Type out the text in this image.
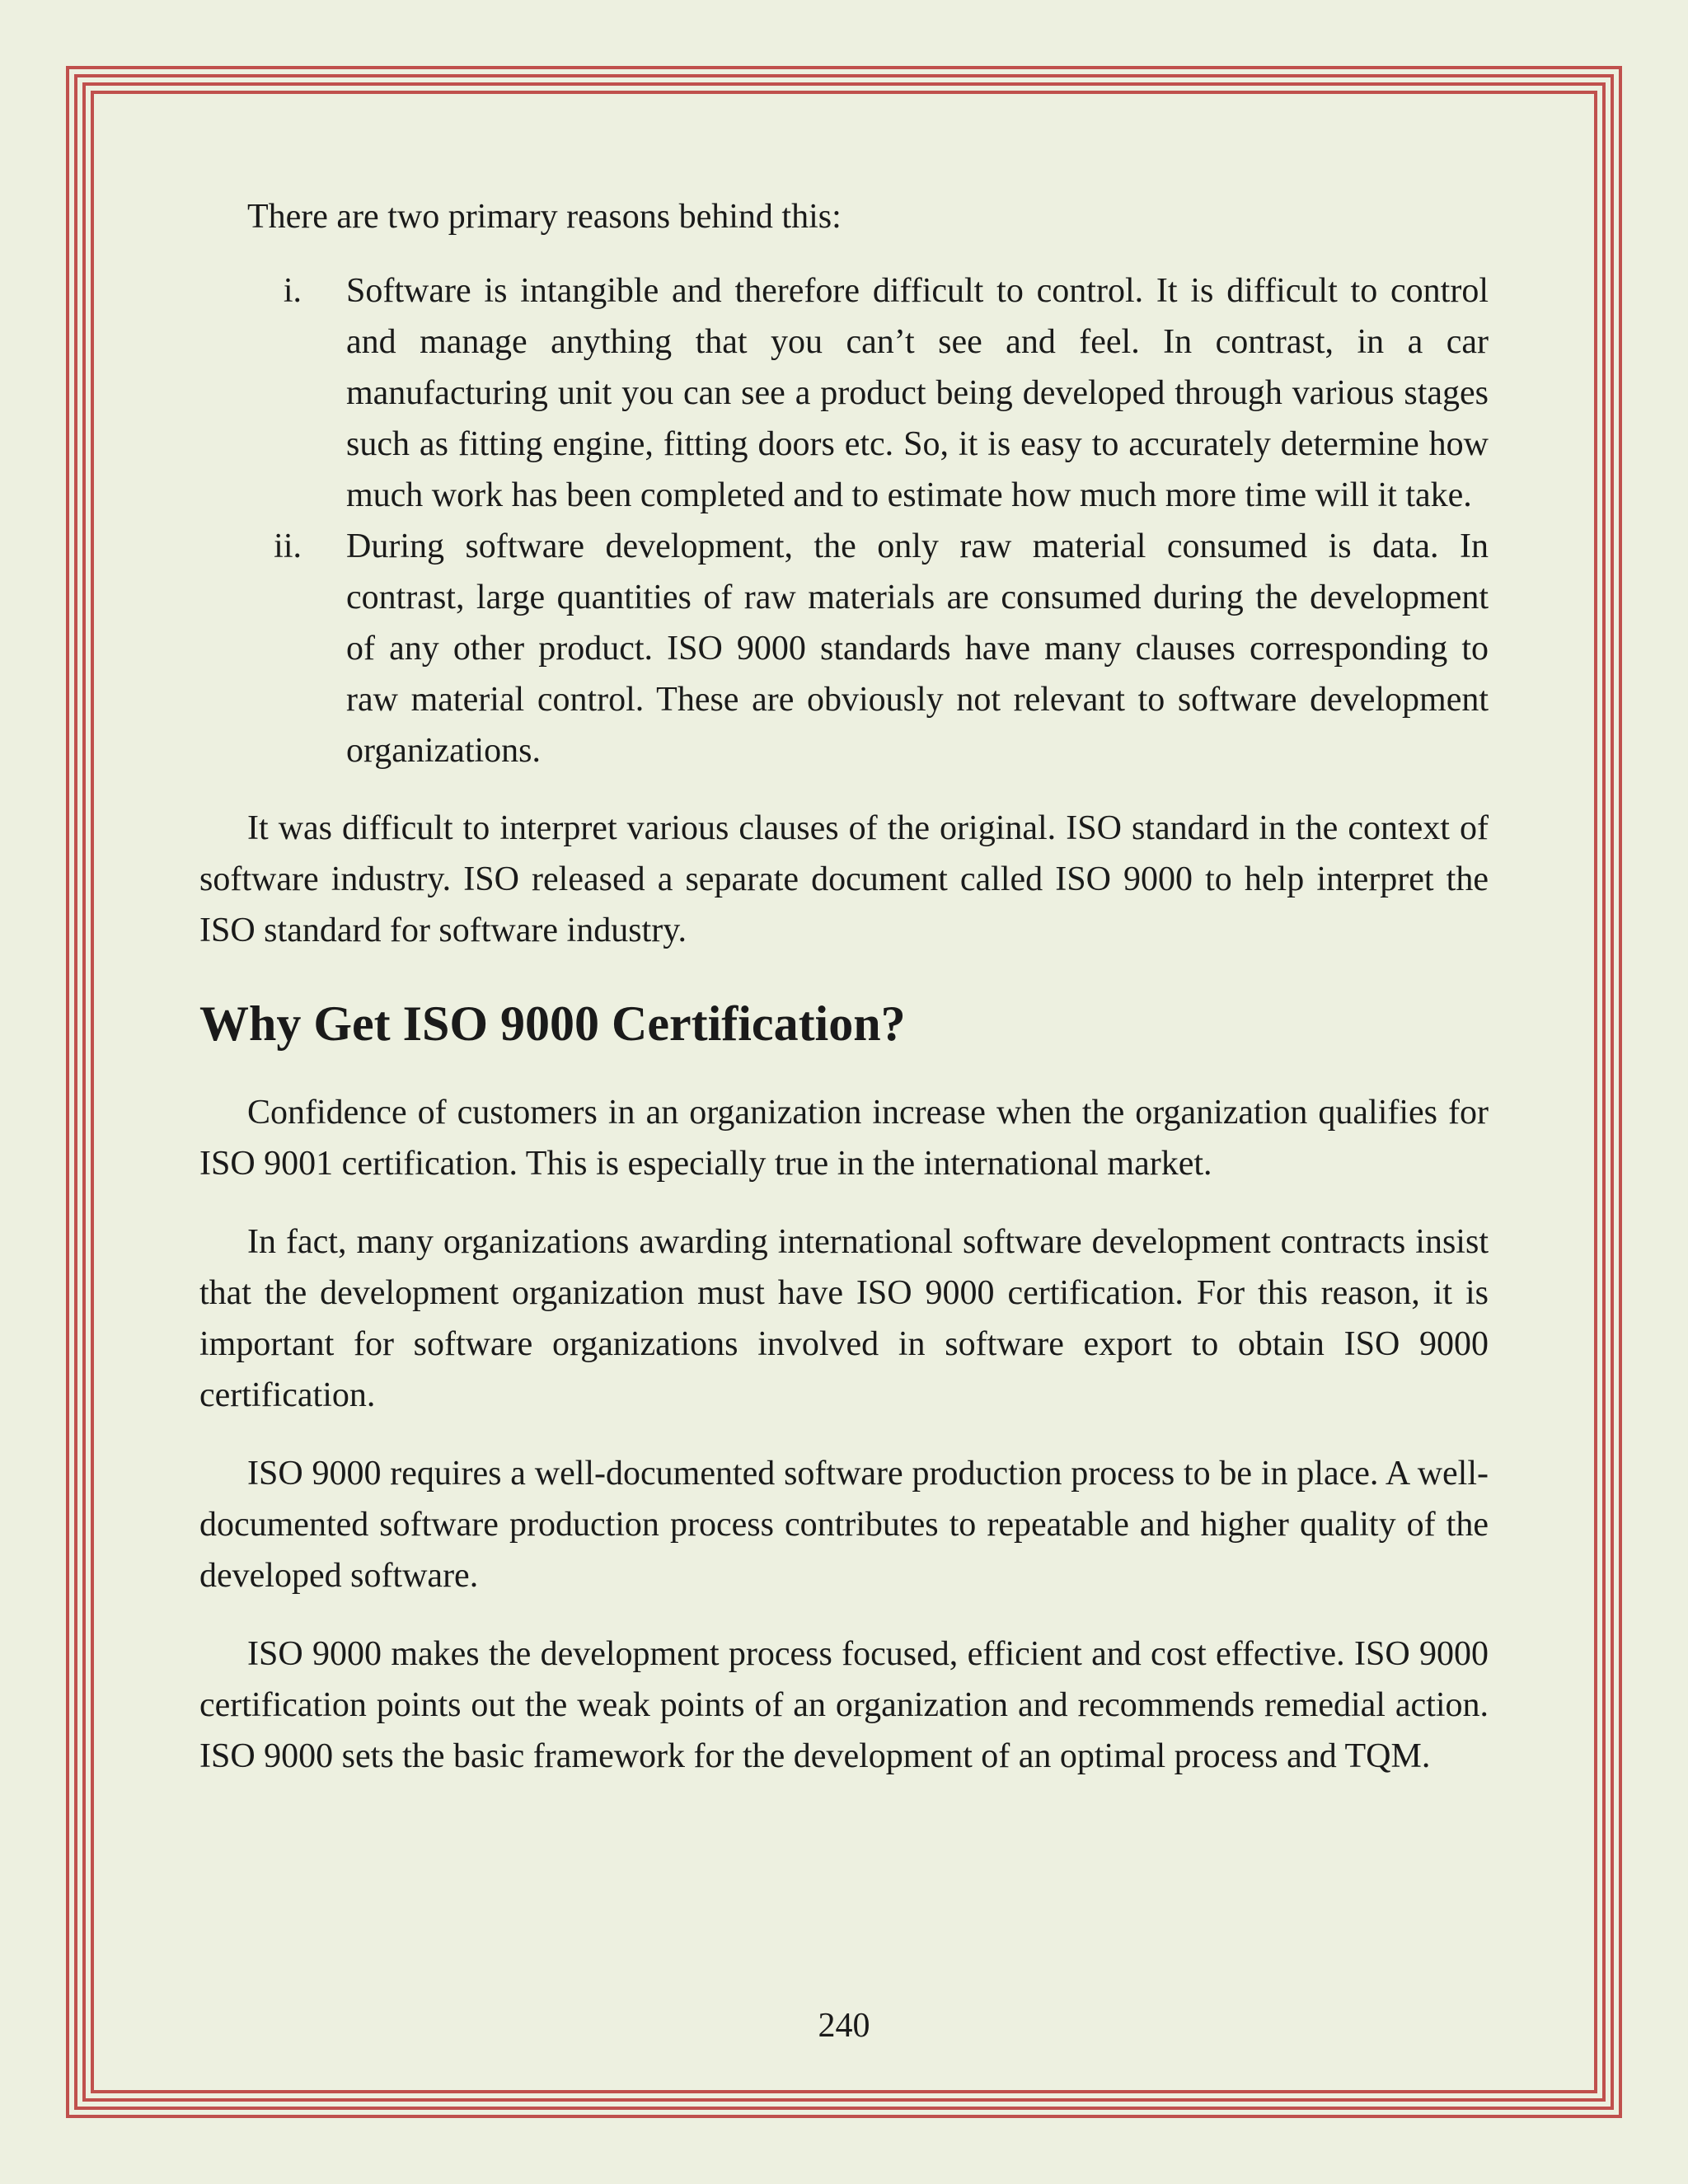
There are two primary reasons behind this:

i. Software is intangible and therefore difficult to control. It is difficult to control and manage anything that you can’t see and feel. In contrast, in a car manufacturing unit you can see a product being developed through various stages such as fitting engine, fitting doors etc. So, it is easy to accurately determine how much work has been completed and to estimate how much more time will it take.
ii. During software development, the only raw material consumed is data. In contrast, large quantities of raw materials are consumed during the development of any other product. ISO 9000 standards have many clauses corresponding to raw material control. These are obviously not relevant to software development organizations.

It was difficult to interpret various clauses of the original. ISO standard in the context of software industry. ISO released a separate document called ISO 9000 to help interpret the ISO standard for software industry.

Why Get ISO 9000 Certification?

Confidence of customers in an organization increase when the organization qualifies for ISO 9001 certification. This is especially true in the international market.

In fact, many organizations awarding international software development contracts insist that the development organization must have ISO 9000 certification. For this reason, it is important for software organizations involved in software export to obtain ISO 9000 certification.

ISO 9000 requires a well-documented software production process to be in place. A well-documented software production process contributes to repeatable and higher quality of the developed software.

ISO 9000 makes the development process focused, efficient and cost effective. ISO 9000 certification points out the weak points of an organization and recommends remedial action. ISO 9000 sets the basic framework for the development of an optimal process and TQM.

240
